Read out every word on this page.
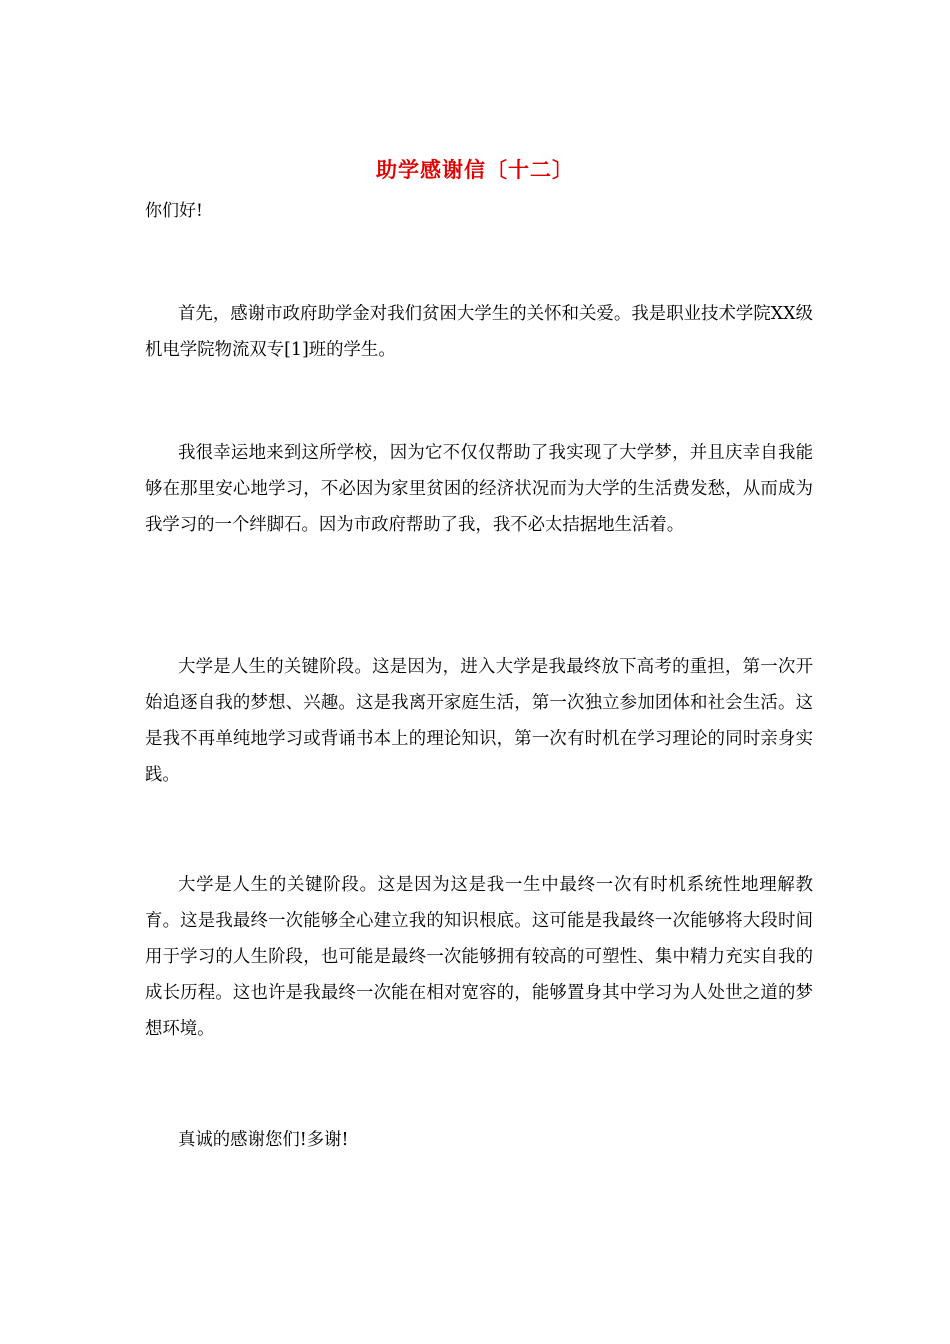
助学感谢信〔十二〕

你们好!

首先，感谢市政府助学金对我们贫困大学生的关怀和关爱。我是职业技术学院XX级机电学院物流双专[1]班的学生。

我很幸运地来到这所学校，因为它不仅仅帮助了我实现了大学梦，并且庆幸自我能够在那里安心地学习，不必因为家里贫困的经济状况而为大学的生活费发愁，从而成为我学习的一个绊脚石。因为市政府帮助了我，我不必太拮据地生活着。

大学是人生的关键阶段。这是因为，进入大学是我最终放下高考的重担，第一次开始追逐自我的梦想、兴趣。这是我离开家庭生活，第一次独立参加团体和社会生活。这是我不再单纯地学习或背诵书本上的理论知识，第一次有时机在学习理论的同时亲身实践。

大学是人生的关键阶段。这是因为这是我一生中最终一次有时机系统性地理解教育。这是我最终一次能够全心建立我的知识根底。这可能是我最终一次能够将大段时间用于学习的人生阶段，也可能是最终一次能够拥有较高的可塑性、集中精力充实自我的成长历程。这也许是我最终一次能在相对宽容的，能够置身其中学习为人处世之道的梦想环境。

真诚的感谢您们!多谢!
